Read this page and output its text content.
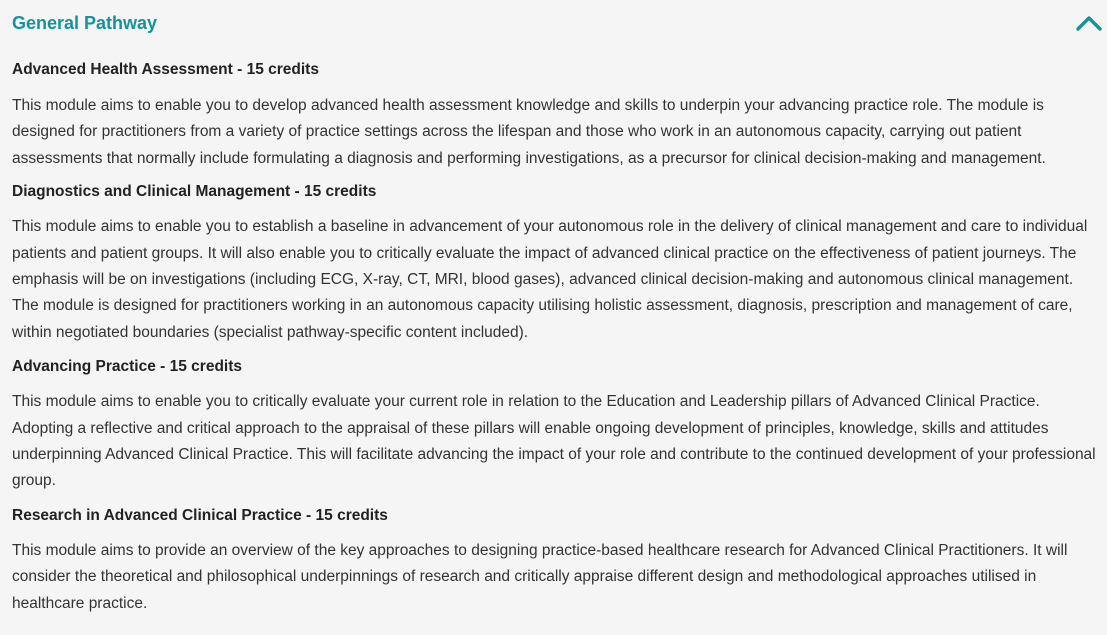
General Pathway

Advanced Health Assessment - 15 credits

This module aims to enable you to develop advanced health assessment knowledge and skills to underpin your advancing practice role. The module is designed for practitioners from a variety of practice settings across the lifespan and those who work in an autonomous capacity, carrying out patient assessments that normally include formulating a diagnosis and performing investigations, as a precursor for clinical decision-making and management.

Diagnostics and Clinical Management - 15 credits

This module aims to enable you to establish a baseline in advancement of your autonomous role in the delivery of clinical management and care to individual patients and patient groups. It will also enable you to critically evaluate the impact of advanced clinical practice on the effectiveness of patient journeys. The emphasis will be on investigations (including ECG, X-ray, CT, MRI, blood gases), advanced clinical decision-making and autonomous clinical management. The module is designed for practitioners working in an autonomous capacity utilising holistic assessment, diagnosis, prescription and management of care, within negotiated boundaries (specialist pathway-specific content included).

Advancing Practice - 15 credits

This module aims to enable you to critically evaluate your current role in relation to the Education and Leadership pillars of Advanced Clinical Practice. Adopting a reflective and critical approach to the appraisal of these pillars will enable ongoing development of principles, knowledge, skills and attitudes underpinning Advanced Clinical Practice. This will facilitate advancing the impact of your role and contribute to the continued development of your professional group.

Research in Advanced Clinical Practice - 15 credits

This module aims to provide an overview of the key approaches to designing practice-based healthcare research for Advanced Clinical Practitioners. It will consider the theoretical and philosophical underpinnings of research and critically appraise different design and methodological approaches utilised in healthcare practice.
